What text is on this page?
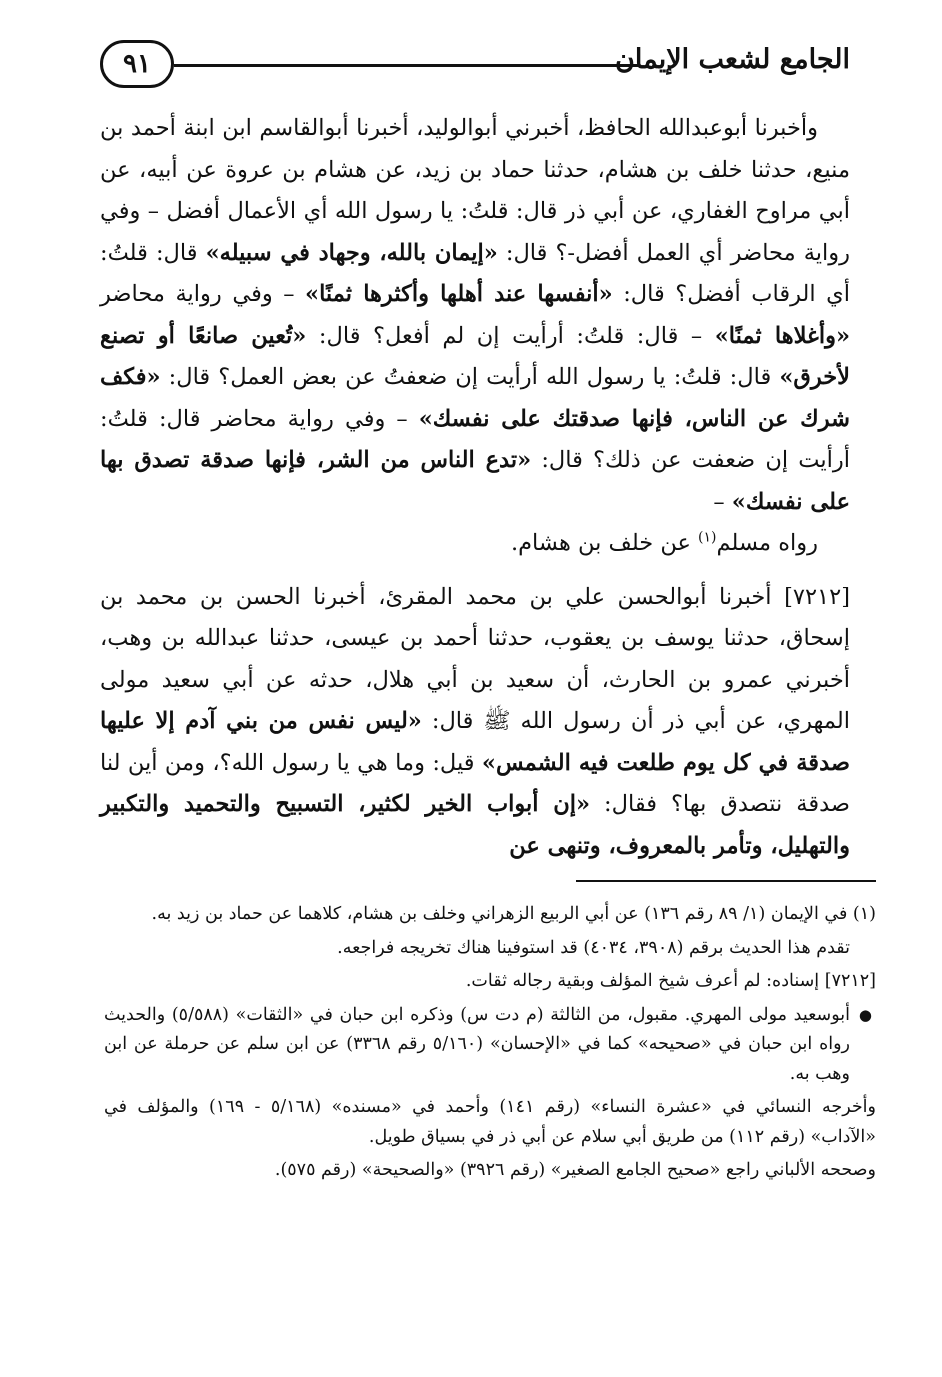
٩١	الجامع لشعب الإيمان

وأخبرنا أبوعبدالله الحافظ، أخبرني أبوالوليد، أخبرنا أبوالقاسم ابن ابنة أحمد بن منيع، حدثنا خلف بن هشام، حدثنا حماد بن زيد، عن هشام بن عروة عن أبيه، عن أبي مراوح الغفاري، عن أبي ذر قال: قلتُ: يا رسول الله أي الأعمال أفضل – وفي رواية محاضر أي العمل أفضل-؟ قال: «إيمان بالله، وجهاد في سبيله» قال: قلتُ: أي الرقاب أفضل؟ قال: «أنفسها عند أهلها وأكثرها ثمنًا» – وفي رواية محاضر «وأغلاها ثمنًا» – قال: قلتُ: أرأيت إن لم أفعل؟ قال: «تُعين صانعًا أو تصنع لأخرق» قال: قلتُ: يا رسول الله أرأيت إن ضعفتُ عن بعض العمل؟ قال: «فكف شرك عن الناس، فإنها صدقتك على نفسك» – وفي رواية محاضر قال: قلتُ: أرأيت إن ضعفت عن ذلك؟ قال: «تدع الناس من الشر، فإنها صدقة تصدق بها على نفسك» –

رواه مسلم$^{(١)}$ عن خلف بن هشام.

[٧٢١٢] أخبرنا أبوالحسن علي بن محمد المقرئ، أخبرنا الحسن بن محمد بن إسحاق، حدثنا يوسف بن يعقوب، حدثنا أحمد بن عيسى، حدثنا عبدالله بن وهب، أخبرني عمرو بن الحارث، أن سعيد بن أبي هلال، حدثه عن أبي سعيد مولى المهري، عن أبي ذر أن رسول الله ﷺ قال: «ليس نفس من بني آدم إلا عليها صدقة في كل يوم طلعت فيه الشمس» قيل: وما هي يا رسول الله؟، ومن أين لنا صدقة نتصدق بها؟ فقال: «إن أبواب الخير لكثير، التسبيح والتحميد والتكبير والتهليل، وتأمر بالمعروف، وتنهى عن

(١) في الإيمان (١/ ٨٩ رقم ١٣٦) عن أبي الربيع الزهراني وخلف بن هشام، كلاهما عن حماد بن زيد به.

تقدم هذا الحديث برقم (٣٩٠٨، ٤٠٣٤) قد استوفينا هناك تخريجه فراجعه.

[٧٢١٢] إسناده: لم أعرف شيخ المؤلف وبقية رجاله ثقات.

●
أبوسعيد مولى المهري. مقبول، من الثالثة (م دت س) وذكره ابن حبان في «الثقات» (٥/٥٨٨) والحديث رواه ابن حبان في «صحيحه» كما في «الإحسان» (٥/١٦٠ رقم ٣٣٦٨) عن ابن سلم عن حرملة عن ابن وهب به.

وأخرجه النسائي في «عشرة النساء» (رقم ١٤١) وأحمد في «مسنده» (٥/١٦٨ - ١٦٩) والمؤلف في «الآداب» (رقم ١١٢) من طريق أبي سلام عن أبي ذر في بسياق طويل.

وصححه الألباني راجع «صحيح الجامع الصغير» (رقم ٣٩٢٦) «والصحيحة» (رقم ٥٧٥).
